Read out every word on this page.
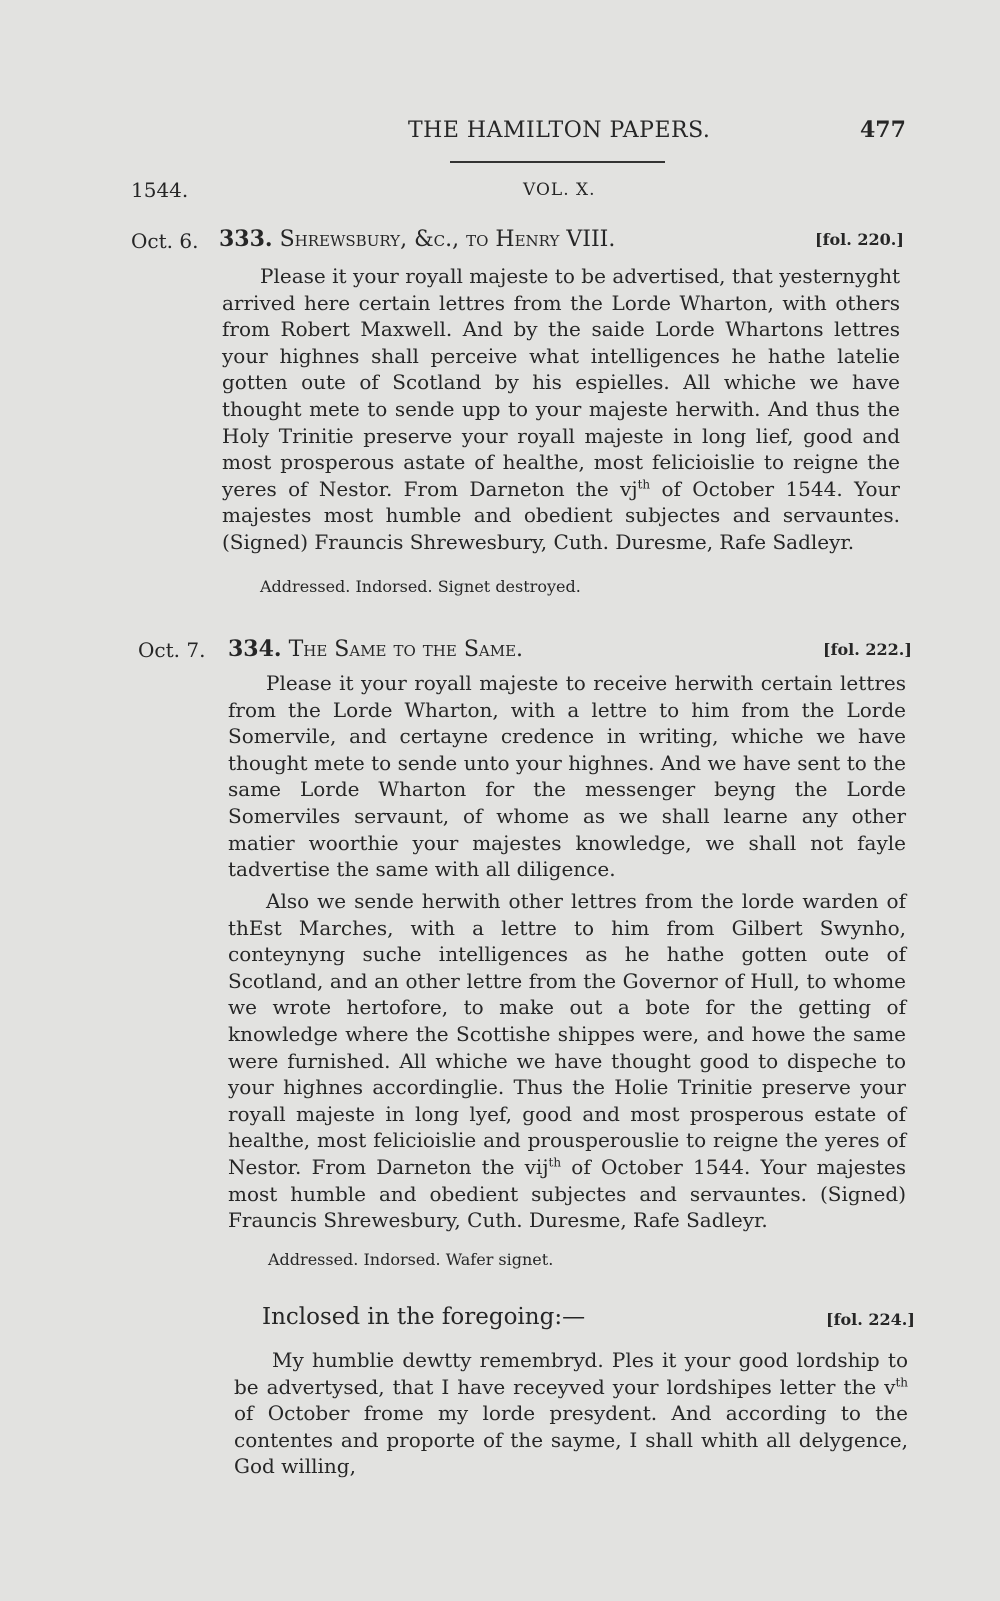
THE HAMILTON PAPERS.	477
1544.	VOL. X.
Oct. 6. 333. Shrewsbury, &c., to Henry VIII.	[fol. 220.]
Please it your royall majeste to be advertised, that yesternyght arrived here certain lettres from the Lorde Wharton, with others from Robert Maxwell. And by the saide Lorde Whartons lettres your highnes shall perceive what intelligences he hathe latelie gotten oute of Scotland by his espielles. All whiche we have thought mete to sende upp to your majeste herwith. And thus the Holy Trinitie preserve your royall majeste in long lief, good and most prosperous astate of healthe, most felicioislie to reigne the yeres of Nestor. From Darneton the $vj^{th}$ of October 1544. Your majestes most humble and obedient subjectes and servauntes. (Signed) Frauncis Shrewesbury, Cuth. Duresme, Rafe Sadleyr.
Addressed. Indorsed. Signet destroyed.
Oct. 7. 334. The Same to the Same.	[fol. 222.]
Please it your royall majeste to receive herwith certain lettres from the Lorde Wharton, with a lettre to him from the Lorde Somervile, and certayne credence in writing, whiche we have thought mete to sende unto your highnes. And we have sent to the same Lorde Wharton for the messenger beyng the Lorde Somerviles servaunt, of whome as we shall learne any other matier woorthie your majestes knowledge, we shall not fayle tadvertise the same with all diligence.
Also we sende herwith other lettres from the lorde warden of thEst Marches, with a lettre to him from Gilbert Swynho, conteynyng suche intelligences as he hathe gotten oute of Scotland, and an other lettre from the Governor of Hull, to whome we wrote hertofore, to make out a bote for the getting of knowledge where the Scottishe shippes were, and howe the same were furnished. All whiche we have thought good to dispeche to your highnes accordinglie. Thus the Holie Trinitie preserve your royall majeste in long lyef, good and most prosperous estate of healthe, most felicioislie and prousperouslie to reigne the yeres of Nestor. From Darneton the vij$^{th}$ of October 1544. Your majestes most humble and obedient subjectes and servauntes. (Signed) Frauncis Shrewesbury, Cuth. Duresme, Rafe Sadleyr.
Addressed. Indorsed. Wafer signet.
Inclosed in the foregoing:—	[fol. 224.]
My humblie dewtty remembryd. Ples it your good lordship to be advertysed, that I have receyved your lordshipes letter the $v^{th}$ of October frome my lorde presydent. And according to the contentes and proporte of the sayme, I shall whith all delygence, God willing,
